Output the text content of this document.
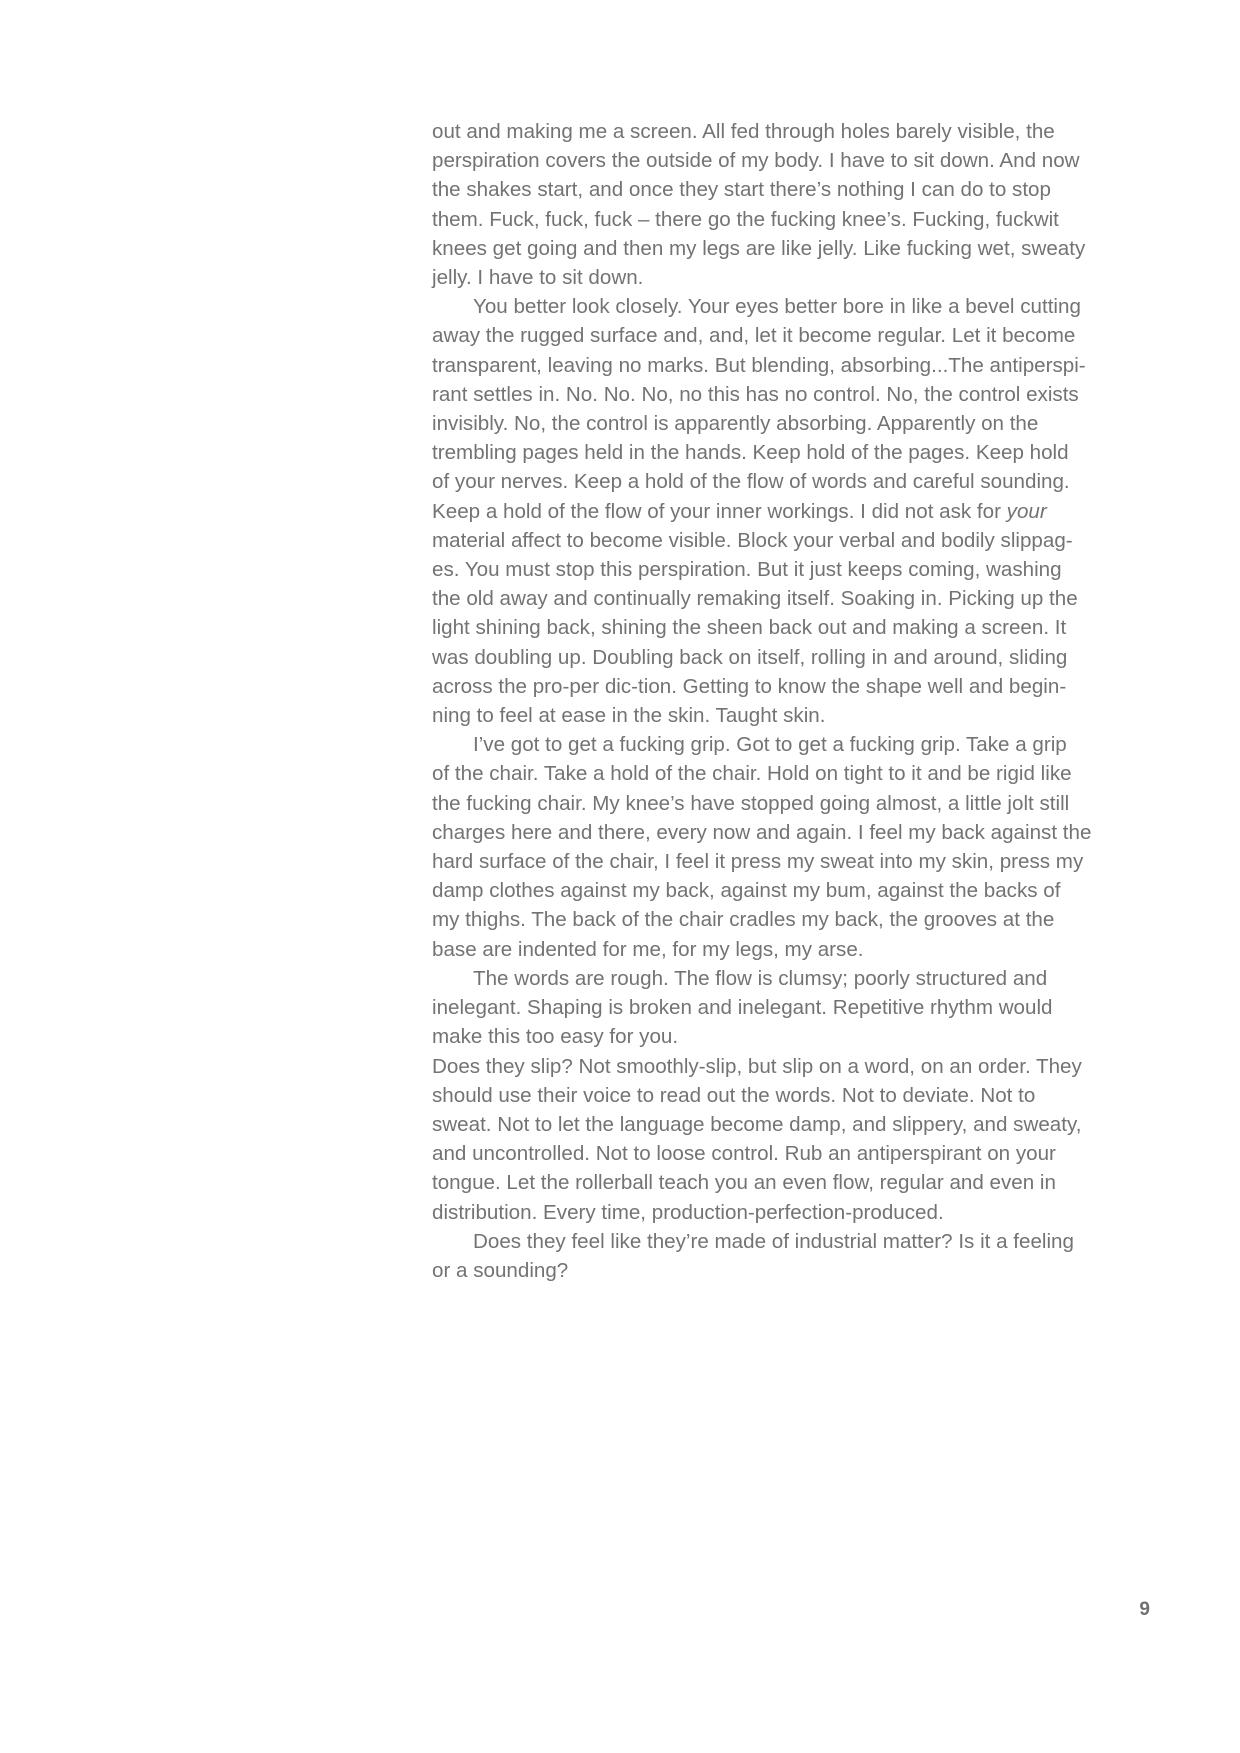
out and making me a screen. All fed through holes barely visible, the
perspiration covers the outside of my body. I have to sit down. And now
the shakes start, and once they start there’s nothing I can do to stop
them. Fuck, fuck, fuck – there go the fucking knee’s. Fucking, fuckwit
knees get going and then my legs are like jelly. Like fucking wet, sweaty
jelly. I have to sit down.

You better look closely. Your eyes better bore in like a bevel cutting
away the rugged surface and, and, let it become regular. Let it become
transparent, leaving no marks. But blending, absorbing...The antiperspi-
rant settles in. No. No. No, no this has no control. No, the control exists
invisibly. No, the control is apparently absorbing. Apparently on the
trembling pages held in the hands. Keep hold of the pages. Keep hold
of your nerves. Keep a hold of the flow of words and careful sounding.
Keep a hold of the flow of your inner workings. I did not ask for your
material affect to become visible. Block your verbal and bodily slippag-
es. You must stop this perspiration. But it just keeps coming, washing
the old away and continually remaking itself. Soaking in. Picking up the
light shining back, shining the sheen back out and making a screen. It
was doubling up. Doubling back on itself, rolling in and around, sliding
across the pro-per dic-tion. Getting to know the shape well and begin-
ning to feel at ease in the skin. Taught skin.

I’ve got to get a fucking grip. Got to get a fucking grip. Take a grip
of the chair. Take a hold of the chair. Hold on tight to it and be rigid like
the fucking chair. My knee’s have stopped going almost, a little jolt still
charges here and there, every now and again. I feel my back against the
hard surface of the chair, I feel it press my sweat into my skin, press my
damp clothes against my back, against my bum, against the backs of
my thighs. The back of the chair cradles my back, the grooves at the
base are indented for me, for my legs, my arse.

The words are rough. The flow is clumsy; poorly structured and
inelegant. Shaping is broken and inelegant. Repetitive rhythm would
make this too easy for you.

Does they slip? Not smoothly-slip, but slip on a word, on an order. They
should use their voice to read out the words. Not to deviate. Not to
sweat. Not to let the language become damp, and slippery, and sweaty,
and uncontrolled. Not to loose control. Rub an antiperspirant on your
tongue. Let the rollerball teach you an even flow, regular and even in
distribution. Every time, production-perfection-produced.

Does they feel like they’re made of industrial matter? Is it a feeling
or a sounding?

9
